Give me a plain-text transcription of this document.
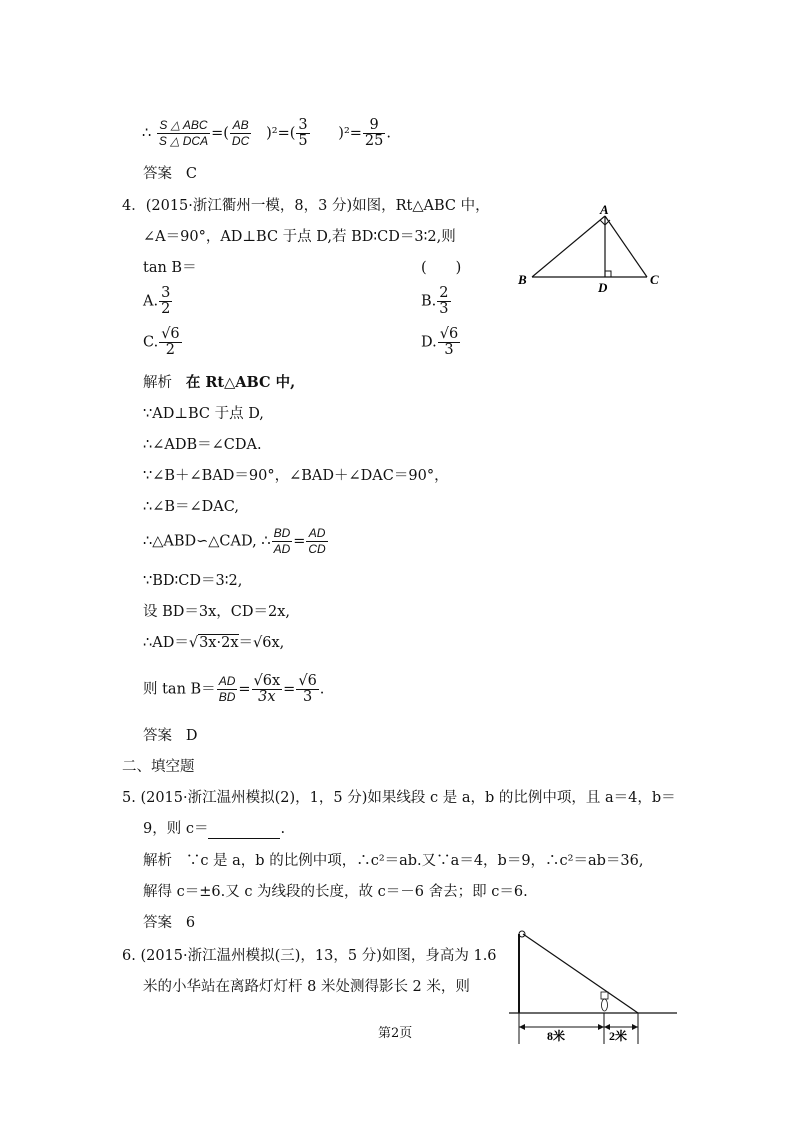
∴ $\frac{\text{S △ ABC}}{\text{S △ DCA}}$ =( $\frac{AB}{DC} )^2=( \frac{3}{5} )^2= \frac{9}{25}$ .
答案 C
4．(2015·浙江衢州一模，8，3 分)如图，Rt△ABC 中，
∠A＝90°，AD⊥BC 于点 D,若 BD∶CD＝3∶2,则
tan B＝	(　　)
A. $\frac{3}{2}$	B. $\frac{2}{3}$
C. $\frac{√6}{2}$	D. $\frac{√6}{3}$
A
B	C
D
解析 在 Rt△ABC 中,
∵AD⊥BC 于点 D,
∴∠ADB＝∠CDA.
∵∠B＋∠BAD＝90°，∠BAD＋∠DAC＝90°，
∴∠B＝∠DAC,
∴△ABD∽△CAD, ∴ $\frac{BD}{AD} = \frac{AD}{CD}$
∵BD∶CD＝3∶2,
设 BD＝3x，CD＝2x,
∴AD＝√3x·2x＝√6x,
则 $\tan B= \frac{AD}{BD} = \frac{√6x}{3x} = \frac{√6}{3}$ .
答案 D
二、填空题
5. (2015·浙江温州模拟(2)，1，5 分)如果线段 c 是 a，b 的比例中项，且 a＝4，b＝
9，则 c＝	.
解析 ∵c 是 a，b 的比例中项，∴c²＝ab.又∵a＝4，b＝9，∴c²＝ab＝36,
解得 c＝±6.又 c 为线段的长度，故 c＝－6 舍去；即 c＝6.
答案 6
6. (2015·浙江温州模拟(三)，13，5 分)如图，身高为 1.6
米的小华站在离路灯灯杆 8 米处测得影长 2 米，则
8米	2米
第2页
